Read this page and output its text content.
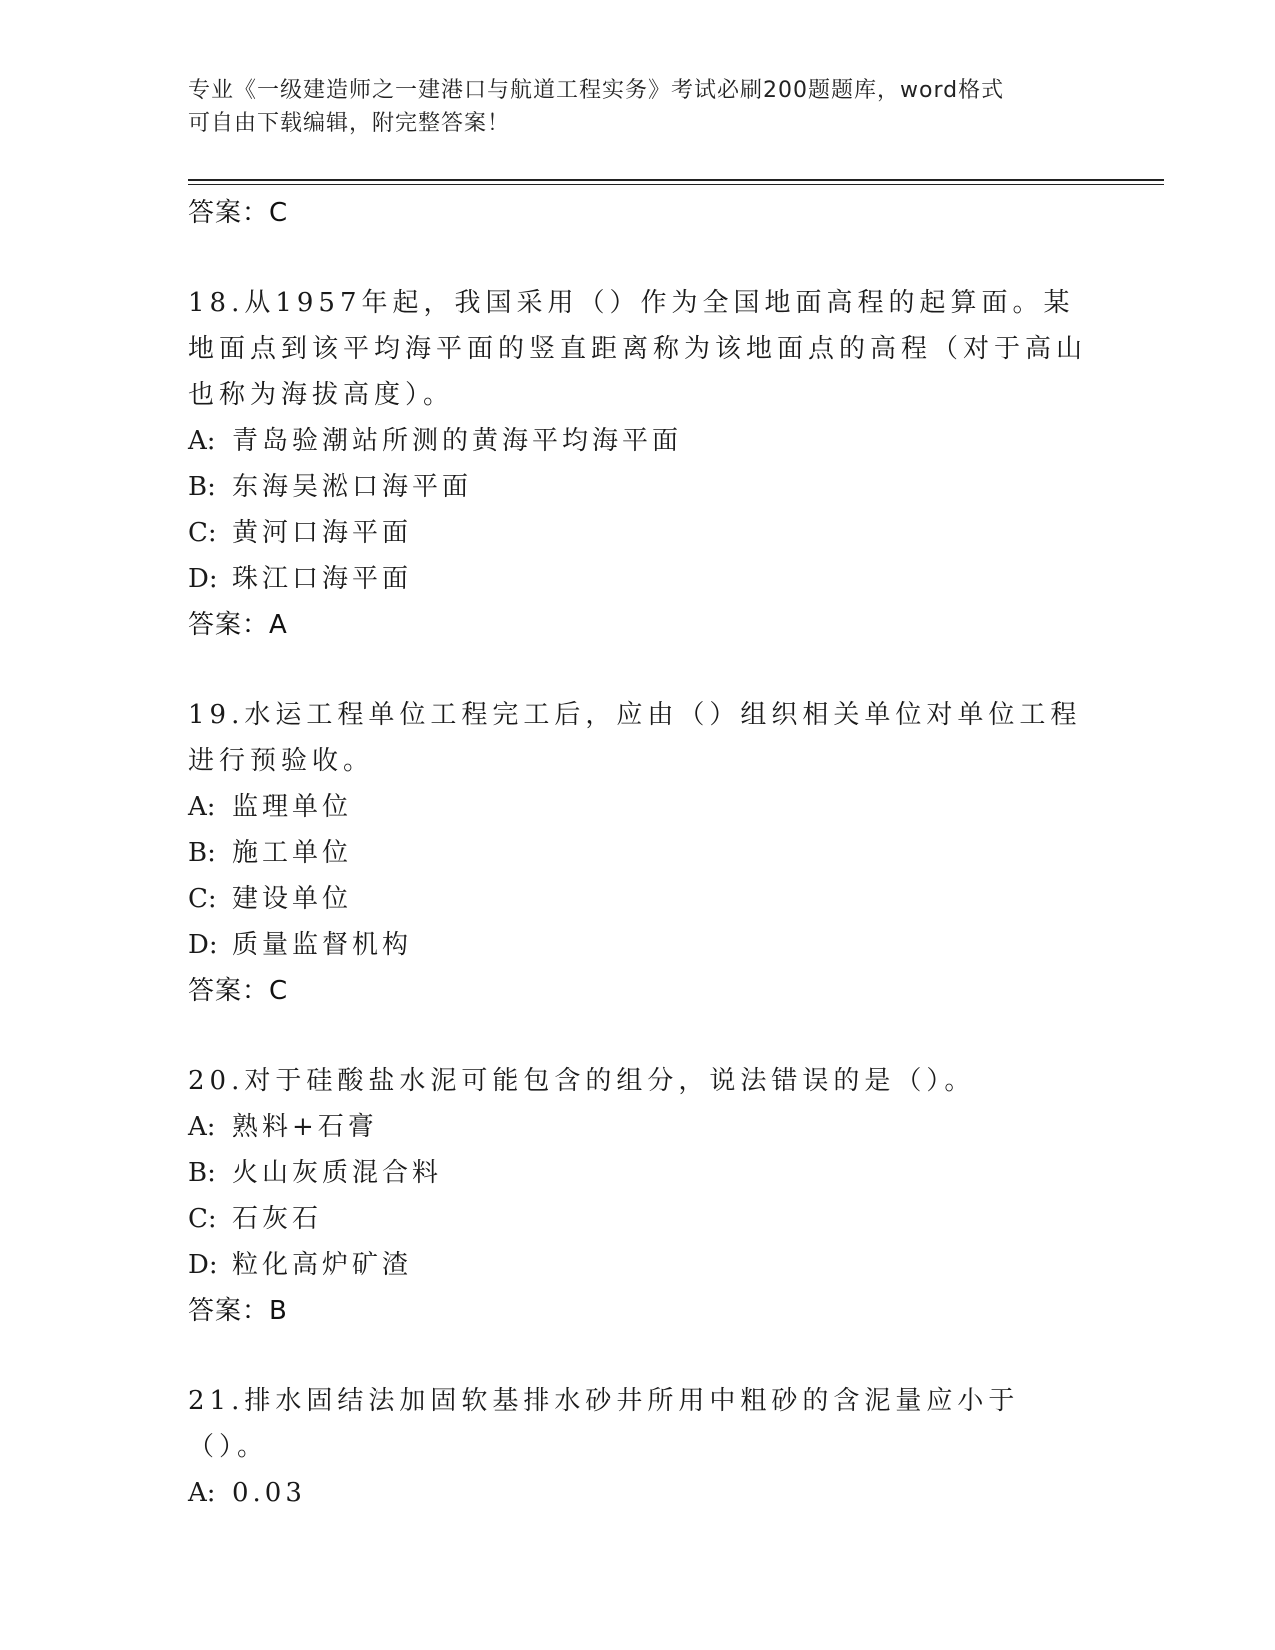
专业《一级建造师之一建港口与航道工程实务》考试必刷200题题库，word格式
可自由下载编辑，附完整答案！
答案：C
18.从1957年起，我国采用（）作为全国地面高程的起算面。某地面点到该平均海平面的竖直距离称为该地面点的高程（对于高山也称为海拔高度）。
A: 青岛验潮站所测的黄海平均海平面
B: 东海吴淞口海平面
C: 黄河口海平面
D: 珠江口海平面
答案：A
19.水运工程单位工程完工后，应由（）组织相关单位对单位工程进行预验收。
A: 监理单位
B: 施工单位
C: 建设单位
D: 质量监督机构
答案：C
20.对于硅酸盐水泥可能包含的组分，说法错误的是（）。
A: 熟料+石膏
B: 火山灰质混合料
C: 石灰石
D: 粒化高炉矿渣
答案：B
21.排水固结法加固软基排水砂井所用中粗砂的含泥量应小于（）。
A: 0.03
